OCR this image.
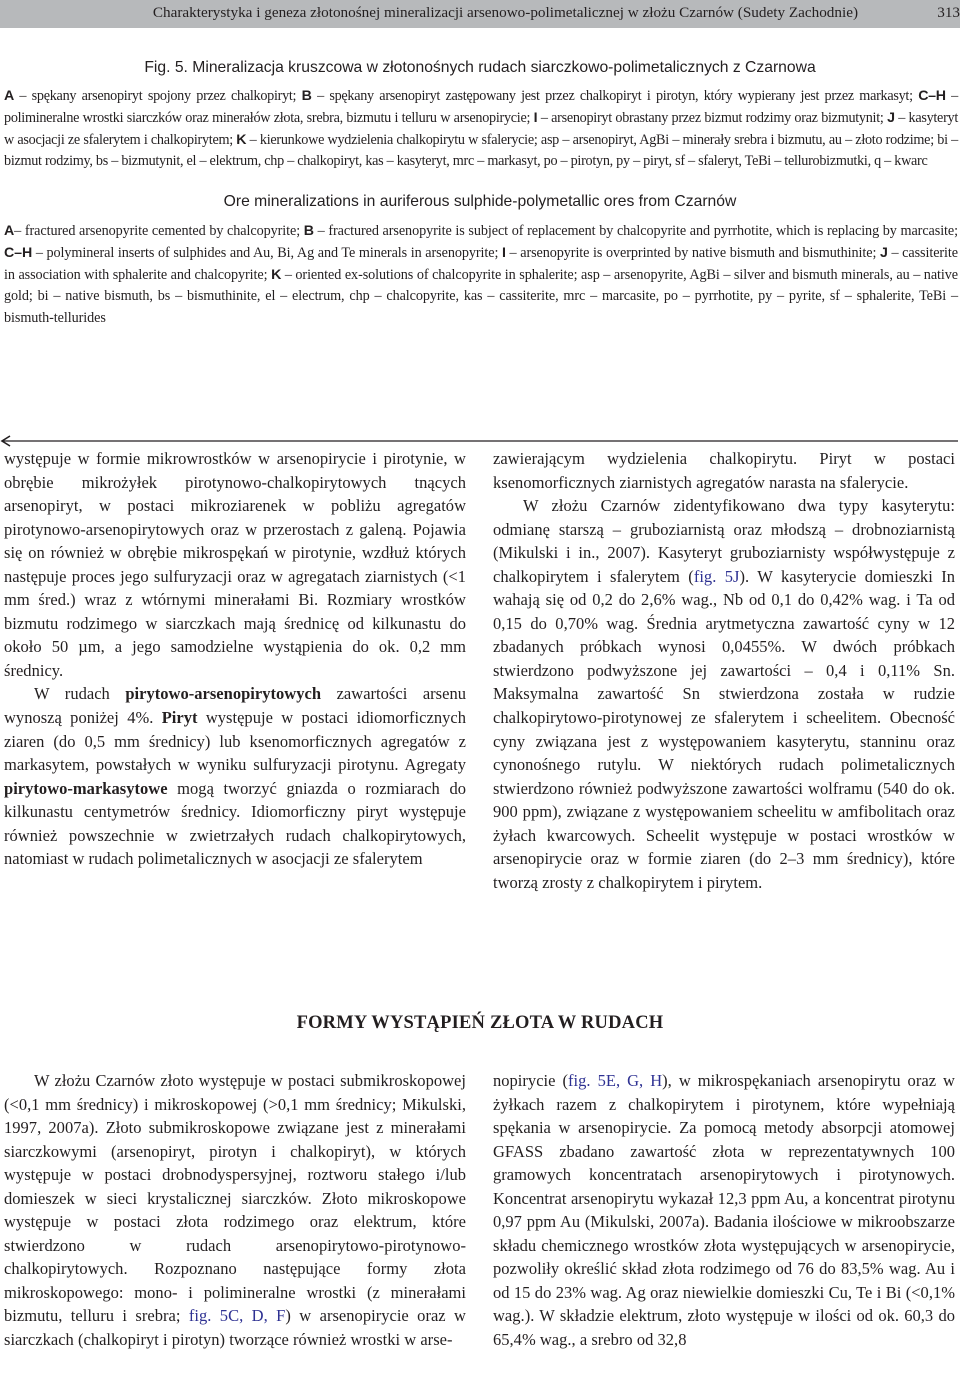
Charakterystyka i geneza złotonośnej mineralizacji arsenowo-polimetalicznej w złożu Czarnów (Sudety Zachodnie)	313
Fig. 5. Mineralizacja kruszcowa w złotonośnych rudach siarczkowo-polimetalicznych z Czarnowa
A – spękany arsenopiryt spojony przez chalkopiryt; B – spękany arsenopiryt zastępowany jest przez chalkopiryt i pirotyn, który wypierany jest przez markasyt; C–H – polimineralne wrostki siarczków oraz minerałów złota, srebra, bizmutu i telluru w arsenopirycie; I – arsenopiryt obrastany przez bizmut rodzimy oraz bizmutynit; J – kasyteryt w asocjacji ze sfalerytem i chalkopirytem; K – kierunkowe wydzielenia chalkopirytu w sfalerycie; asp – arsenopiryt, AgBi – minerały srebra i bizmutu, au – złoto rodzime; bi – bizmut rodzimy, bs – bizmutynit, el – elektrum, chp – chalkopiryt, kas – kasyteryt, mrc – markasyt, po – pirotyn, py – piryt, sf – sfaleryt, TeBi – tellurobizmutki, q – kwarc
Ore mineralizations in auriferous sulphide-polymetallic ores from Czarnów
A– fractured arsenopyrite cemented by chalcopyrite; B – fractured arsenopyrite is subject of replacement by chalcopyrite and pyrrhotite, which is replacing by marcasite; C–H – polymineral inserts of sulphides and Au, Bi, Ag and Te minerals in arsenopyrite; I – arsenopyrite is overprinted by native bismuth and bismuthinite; J – cassiterite in association with sphalerite and chalcopyrite; K – oriented ex-solutions of chalcopyrite in sphalerite; asp – arsenopyrite, AgBi – silver and bismuth minerals, au – native gold; bi – native bismuth, bs – bismuthinite, el – electrum, chp – chalcopyrite, kas – cassiterite, mrc – marcasite, po – pyrrhotite, py – pyrite, sf – sphalerite, TeBi – bismuth-tellurides

występuje w formie mikrowrostków w arsenopirycie i pirotynie, w obrębie mikrożyłek pirotynowo-chalkopirytowych tnących arsenopiryt, w postaci mikroziarenek w pobliżu agregatów pirotynowo-arsenopirytowych oraz w przerostach z galeną. Pojawia się on również w obrębie mikrospękań w pirotynie, wzdłuż których następuje proces jego sulfuryzacji oraz w agregatach ziarnistych (<1 mm śred.) wraz z wtórnymi minerałami Bi. Rozmiary wrostków bizmutu rodzimego w siarczkach mają średnicę od kilkunastu do około 50 µm, a jego samodzielne wystąpienia do ok. 0,2 mm średnicy.

W rudach pirytowo-arsenopirytowych zawartości arsenu wynoszą poniżej 4%. Piryt występuje w postaci idiomorficznych ziaren (do 0,5 mm średnicy) lub ksenomorficznych agregatów z markasytem, powstałych w wyniku sulfuryzacji pirotynu. Agregaty pirytowo-markasytowe mogą tworzyć gniazda o rozmiarach do kilkunastu centymetrów średnicy. Idiomorficzny piryt występuje również powszechnie w zwietrzałych rudach chalkopirytowych, natomiast w rudach polimetalicznych w asocjacji ze sfalerytem

zawierającym wydzielenia chalkopirytu. Piryt w postaci ksenomorficznych ziarnistych agregatów narasta na sfalerycie.

W złożu Czarnów zidentyfikowano dwa typy kasyterytu: odmianę starszą – gruboziarnistą oraz młodszą – drobnoziarnistą (Mikulski i in., 2007). Kasyteryt gruboziarnisty współwystępuje z chalkopirytem i sfalerytem (fig. 5J). W kasyterycie domieszki In wahają się od 0,2 do 2,6% wag., Nb od 0,1 do 0,42% wag. i Ta od 0,15 do 0,70% wag. Średnia arytmetyczna zawartość cyny w 12 zbadanych próbkach wynosi 0,0455%. W dwóch próbkach stwierdzono podwyższone jej zawartości – 0,4 i 0,11% Sn. Maksymalna zawartość Sn stwierdzona została w rudzie chalkopirytowo-pirotynowej ze sfalerytem i scheelitem. Obecność cyny związana jest z występowaniem kasyterytu, stanninu oraz cynonośnego rutylu. W niektórych rudach polimetalicznych stwierdzono również podwyższone zawartości wolframu (540 do ok. 900 ppm), związane z występowaniem scheelitu w amfibolitach oraz żyłach kwarcowych. Scheelit występuje w postaci wrostków w arsenopirycie oraz w formie ziaren (do 2–3 mm średnicy), które tworzą zrosty z chalkopirytem i pirytem.

FORMY WYSTĄPIEŃ ZŁOTA W RUDACH

W złożu Czarnów złoto występuje w postaci submikroskopowej (<0,1 mm średnicy) i mikroskopowej (>0,1 mm średnicy; Mikulski, 1997, 2007a). Złoto submikroskopowe związane jest z minerałami siarczkowymi (arsenopiryt, pirotyn i chalkopiryt), w których występuje w postaci drobnodyspersyjnej, roztworu stałego i/lub domieszek w sieci krystalicznej siarczków. Złoto mikroskopowe występuje w postaci złota rodzimego oraz elektrum, które stwierdzono w rudach arsenopirytowo-pirotynowo-chalkopirytowych. Rozpoznano następujące formy złota mikroskopowego: mono- i polimineralne wrostki (z minerałami bizmutu, telluru i srebra; fig. 5C, D, F) w arsenopirycie oraz w siarczkach (chalkopiryt i pirotyn) tworzące również wrostki w arse-

nopirycie (fig. 5E, G, H), w mikrospękaniach arsenopirytu oraz w żyłkach razem z chalkopirytem i pirotynem, które wypełniają spękania w arsenopirycie. Za pomocą metody absorpcji atomowej GFASS zbadano zawartość złota w reprezentatywnych 100 gramowych koncentratach arsenopirytowych i pirotynowych. Koncentrat arsenopirytu wykazał 12,3 ppm Au, a koncentrat pirotynu 0,97 ppm Au (Mikulski, 2007a). Badania ilościowe w mikroobszarze składu chemicznego wrostków złota występujących w arsenopirycie, pozwoliły określić skład złota rodzimego od 76 do 83,5% wag. Au i od 15 do 23% wag. Ag oraz niewielkie domieszki Cu, Te i Bi (<0,1% wag.). W składzie elektrum, złoto występuje w ilości od ok. 60,3 do 65,4% wag., a srebro od 32,8
